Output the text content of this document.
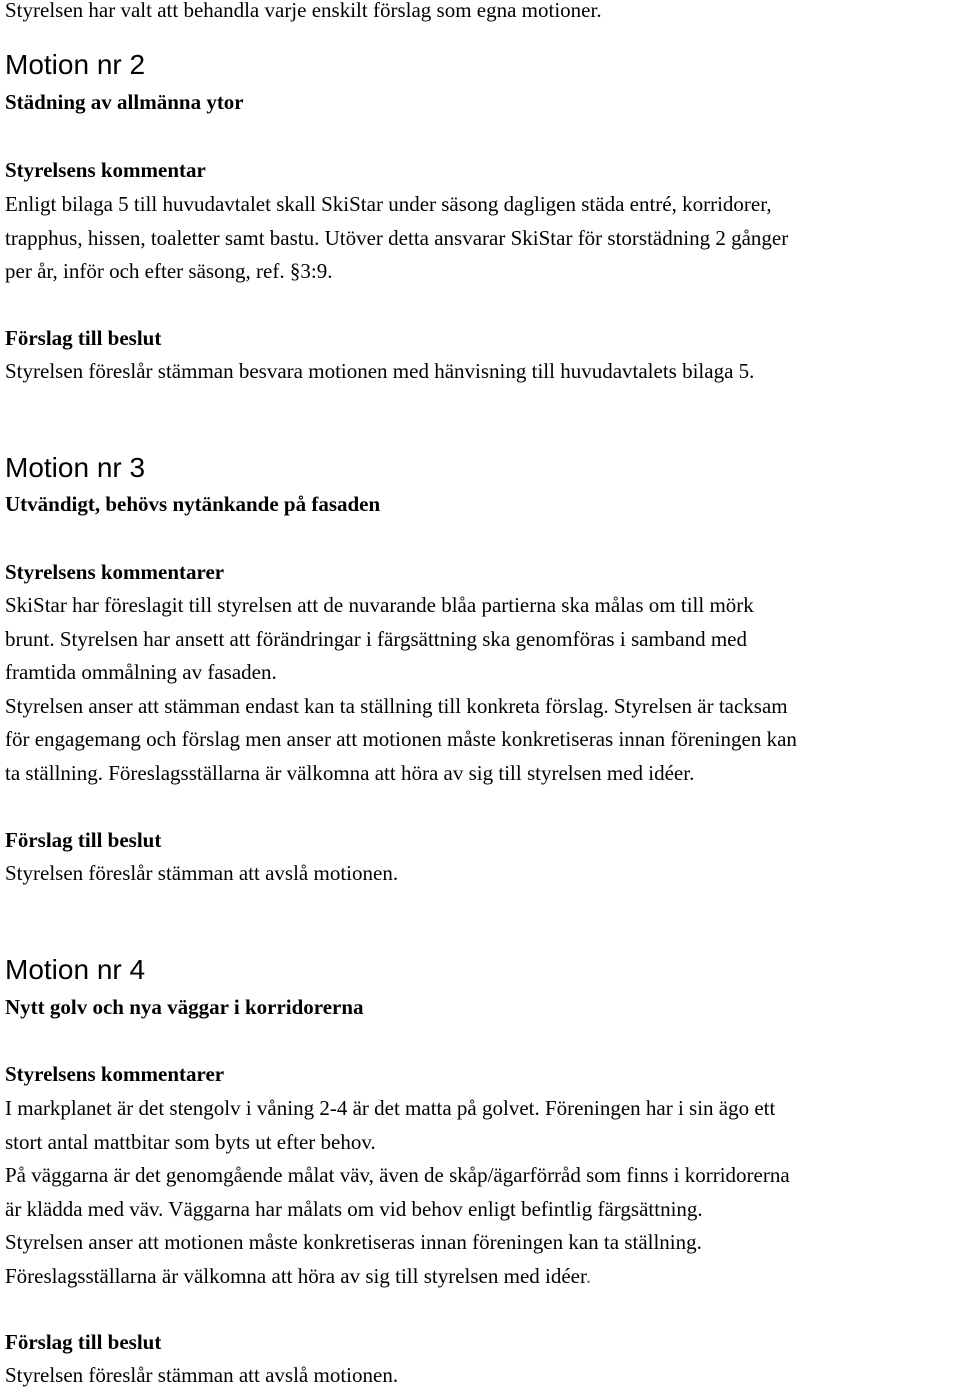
Styrelsen har valt att behandla varje enskilt förslag som egna motioner.

Motion nr 2

Städning av allmänna ytor

Styrelsens kommentar

Enligt bilaga 5 till huvudavtalet skall SkiStar under säsong dagligen städa entré, korridorer,
trapphus, hissen, toaletter samt bastu. Utöver detta ansvarar SkiStar för storstädning 2 gånger
per år, inför och efter säsong, ref. §3:9.

Förslag till beslut

Styrelsen föreslår stämman besvara motionen med hänvisning till huvudavtalets bilaga 5.

Motion nr 3

Utvändigt, behövs nytänkande på fasaden

Styrelsens kommentarer

SkiStar har föreslagit till styrelsen att de nuvarande blåa partierna ska målas om till mörk
brunt. Styrelsen har ansett att förändringar i färgsättning ska genomföras i samband med
framtida ommålning av fasaden.
Styrelsen anser att stämman endast kan ta ställning till konkreta förslag. Styrelsen är tacksam
för engagemang och förslag men anser att motionen måste konkretiseras innan föreningen kan
ta ställning. Föreslagsställarna är välkomna att höra av sig till styrelsen med idéer.

Förslag till beslut

Styrelsen föreslår stämman att avslå motionen.

Motion nr 4

Nytt golv och nya väggar i korridorerna

Styrelsens kommentarer

I markplanet är det stengolv i våning 2-4 är det matta på golvet. Föreningen har i sin ägo ett
stort antal mattbitar som byts ut efter behov.
På väggarna är det genomgående målat väv, även de skåp/ägarförråd som finns i korridorerna
är klädda med väv. Väggarna har målats om vid behov enligt befintlig färgsättning.
Styrelsen anser att motionen måste konkretiseras innan föreningen kan ta ställning.
Föreslagsställarna är välkomna att höra av sig till styrelsen med idéer.

Förslag till beslut

Styrelsen föreslår stämman att avslå motionen.
